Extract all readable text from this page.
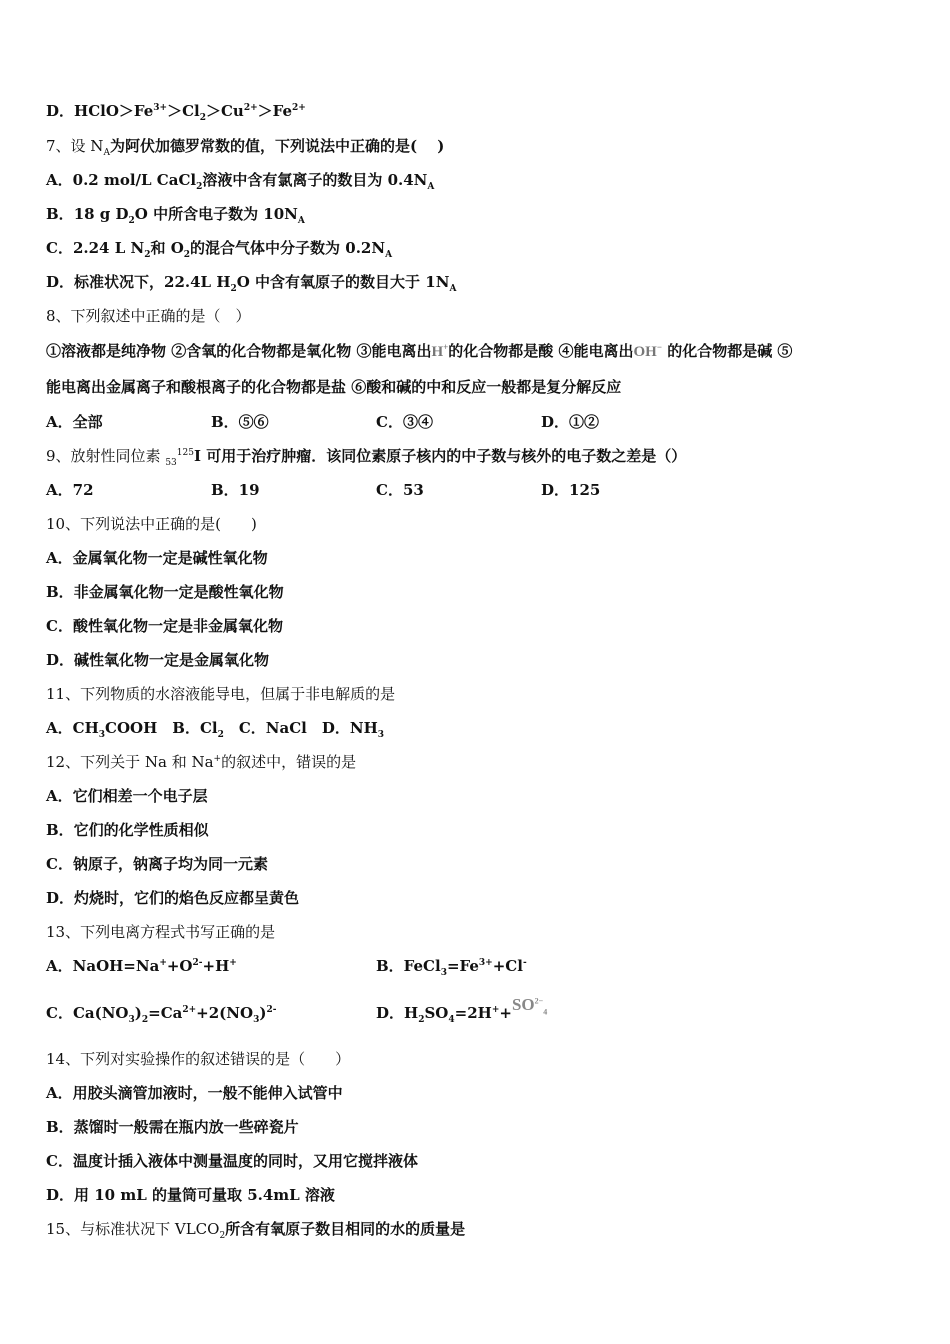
D．$HClO>Fe^{3+}>Cl_2>Cu^{2+}>Fe^{2+}$
7、设 $N_A$为阿伏加德罗常数的值，下列说法中正确的是(　 )
A．0.2 mol/L CaCl$_2$溶液中含有氯离子的数目为 $0.4N_A$
B．18 g $D_2O$ 中所含电子数为 $10N_A$
C．2.24 L $N_2$和 $O_2$的混合气体中分子数为 $0.2N_A$
D．标准状况下，22.4L $H_2O$ 中含有氧原子的数目大于 $1N_A$
8、下列叙述中正确的是（　）
①溶液都是纯净物 ②含氧的化合物都是氧化物 ③能电离出H+的化合物都是酸 ④能电离出OH− 的化合物都是碱 ⑤
能电离出金属离子和酸根离子的化合物都是盐 ⑥酸和碱的中和反应一般都是复分解反应
A．全部	B．⑤⑥	C．③④	D．①②
9、放射性同位素 $_{53}^{125}$I 可用于治疗肿瘤．该同位素原子核内的中子数与核外的电子数之差是（）
A．72	B．19	C．53	D．125
10、下列说法中正确的是(　　)
A．金属氧化物一定是碱性氧化物
B．非金属氧化物一定是酸性氧化物
C．酸性氧化物一定是非金属氧化物
D．碱性氧化物一定是金属氧化物
11、下列物质的水溶液能导电，但属于非电解质的是
A．$CH_3COOH$　B．$Cl_2$　C．NaCl　D．$NH_3$
12、下列关于 Na 和 Na+的叙述中，错误的是
A．它们相差一个电子层
B．它们的化学性质相似
C．钠原子，钠离子均为同一元素
D．灼烧时，它们的焰色反应都呈黄色
13、下列电离方程式书写正确的是
A．$NaOH=Na^++O^{2-}+H^+$	B．$FeCl_3=Fe^{3+}+Cl^-$
C．$Ca(NO_3)_2=Ca^{2+}+2(NO_3)^{2-}$	D．$H_2SO_4=2H^++SO^{2-}_4$
14、下列对实验操作的叙述错误的是（　　）
A．用胶头滴管加液时，一般不能伸入试管中
B．蒸馏时一般需在瓶内放一些碎瓷片
C．温度计插入液体中测量温度的同时，又用它搅拌液体
D．用 10 mL 的量筒可量取 5.4mL 溶液
15、与标准状况下 $VLCO_2$所含有氧原子数目相同的水的质量是
